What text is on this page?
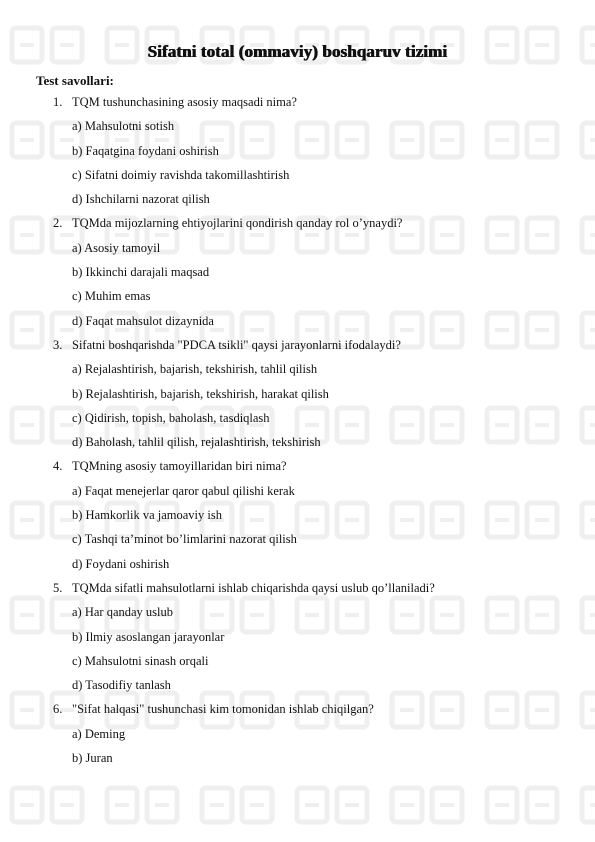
Sifatni total (ommaviy) boshqaruv tizimi
Test savollari:
1. TQM tushunchasining asosiy maqsadi nima?
a) Mahsulotni sotish
b) Faqatgina foydani oshirish
c) Sifatni doimiy ravishda takomillashtirish
d) Ishchilarni nazorat qilish
2. TQMda mijozlarning ehtiyojlarini qondirish qanday rol o’ynaydi?
a) Asosiy tamoyil
b) Ikkinchi darajali maqsad
c) Muhim emas
d) Faqat mahsulot dizaynida
3. Sifatni boshqarishda "PDCA tsikli" qaysi jarayonlarni ifodalaydi?
a) Rejalashtirish, bajarish, tekshirish, tahlil qilish
b) Rejalashtirish, bajarish, tekshirish, harakat qilish
c) Qidirish, topish, baholash, tasdiqlash
d) Baholash, tahlil qilish, rejalashtirish, tekshirish
4. TQMning asosiy tamoyillaridan biri nima?
a) Faqat menejerlar qaror qabul qilishi kerak
b) Hamkorlik va jamoaviy ish
c) Tashqi ta’minot bo’limlarini nazorat qilish
d) Foydani oshirish
5. TQMda sifatli mahsulotlarni ishlab chiqarishda qaysi uslub qo’llaniladi?
a) Har qanday uslub
b) Ilmiy asoslangan jarayonlar
c) Mahsulotni sinash orqali
d) Tasodifiy tanlash
6. "Sifat halqasi" tushunchasi kim tomonidan ishlab chiqilgan?
a) Deming
b) Juran
